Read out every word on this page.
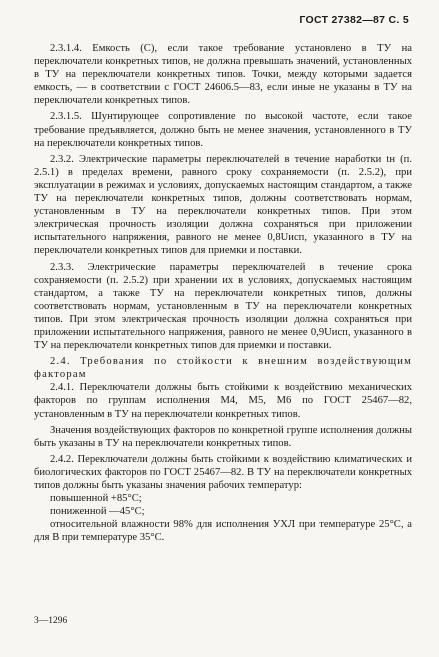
ГОСТ 27382—87 С. 5

2.3.1.4. Емкость (C), если такое требование установлено в ТУ на переключатели конкретных типов, не должна превышать значений, установленных в ТУ на переключатели конкретных типов. Точки, между которыми задается емкость, — в соответствии с ГОСТ 24606.5—83, если иные не указаны в ТУ на переключатели конкретных типов.

2.3.1.5. Шунтирующее сопротивление по высокой частоте, если такое требование предъявляется, должно быть не менее значения, установленного в ТУ на переключатели конкретных типов.

2.3.2. Электрические параметры переключателей в течение наработки tн (п. 2.5.1) в пределах времени, равного сроку сохраняемости (п. 2.5.2), при эксплуатации в режимах и условиях, допускаемых настоящим стандартом, а также ТУ на переключатели конкретных типов, должны соответствовать нормам, установленным в ТУ на переключатели конкретных типов. При этом электрическая прочность изоляции должна сохраняться при приложении испытательного напряжения, равного не менее 0,8Uисп, указанного в ТУ на переключатели конкретных типов для приемки и поставки.

2.3.3. Электрические параметры переключателей в течение срока сохраняемости (п. 2.5.2) при хранении их в условиях, допускаемых настоящим стандартом, а также ТУ на переключатели конкретных типов, должны соответствовать нормам, установленным в ТУ на переключатели конкретных типов. При этом электрическая прочность изоляции должна сохраняться при приложении испытательного напряжения, равного не менее 0,9Uисп, указанного в ТУ на переключатели конкретных типов для приемки и поставки.

2.4. Требования по стойкости к внешним воздействующим факторам

2.4.1. Переключатели должны быть стойкими к воздействию механических факторов по группам исполнения М4, М5, М6 по ГОСТ 25467—82, установленным в ТУ на переключатели конкретных типов.

Значения воздействующих факторов по конкретной группе исполнения должны быть указаны в ТУ на переключатели конкретных типов.

2.4.2. Переключатели должны быть стойкими к воздействию климатических и биологических факторов по ГОСТ 25467—82. В ТУ на переключатели конкретных типов должны быть указаны значения рабочих температур:

повышенной +85°С;

пониженной —45°С;

относительной влажности 98% для исполнения УХЛ при температуре 25°С, а для В при температуре 35°С.

3—1296
